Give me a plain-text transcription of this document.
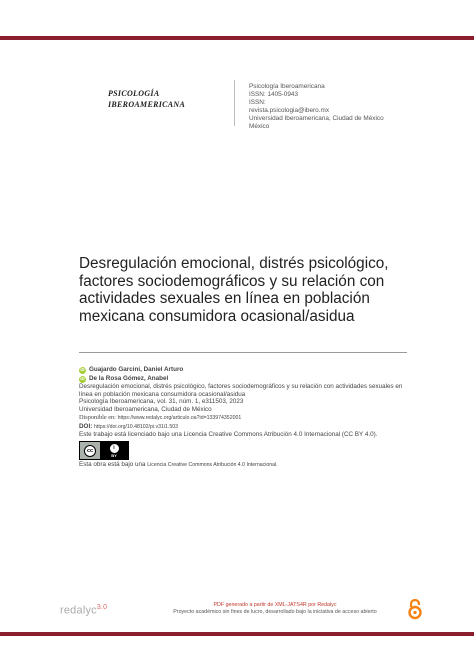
PSICOLOGÍA
IBEROAMERICANA
Psicología Iberoamericana
ISSN: 1405-0943
ISSN:
revista.psicologia@ibero.mx
Universidad Iberoamericana, Ciudad de México
México
Desregulación emocional, distrés psicológico,
factores sociodemográficos y su relación con
actividades sexuales en línea en población
mexicana consumidora ocasional/asidua
iD Guajardo Garcini, Daniel Arturo
iD De la Rosa Gómez, Anabel
Desregulación emocional, distrés psicológico, factores sociodemográficos y su relación con actividades sexuales en línea en población mexicana consumidora ocasional/asidua
Psicología Iberoamericana, vol. 31, núm. 1, e311503, 2023
Universidad Iberoamericana, Ciudad de México
Disponible en: https://www.redalyc.org/articulo.oa?id=133974352001
DOI: https://doi.org/10.48102/pi.v31i1.503
Este trabajo está licenciado bajo una Licencia Creative Commons Atribución 4.0 Internacional (CC BY 4.0).
cc	i
BY
Esta obra está bajo una Licencia Creative Commons Atribución 4.0 Internacional.
redalyc$^{3.0}$	PDF generado a partir de XML-JATS4R por Redalyc
Proyecto académico sin fines de lucro, desarrollado bajo la iniciativa de acceso abierto
